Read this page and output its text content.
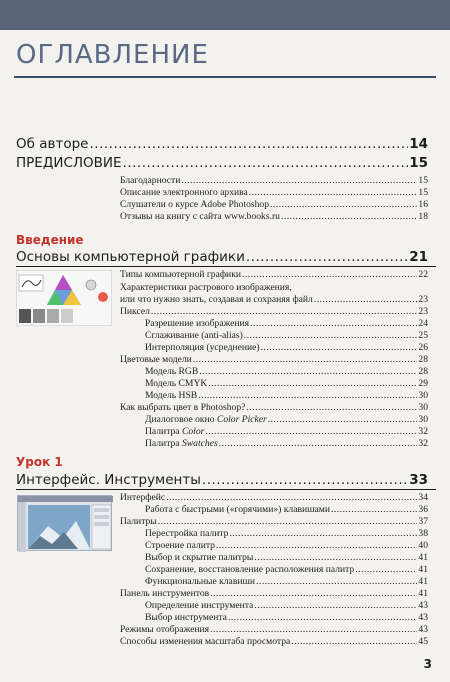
ОГЛАВЛЕНИЕ
Об авторе .....	14
ПРЕДИСЛОВИЕ .....	15
Благодарности .....	15
Описание электронного архива .....	15
Слушатели о курсе Adobe Photoshop .....	16
Отзывы на книгу с сайта www.books.ru .....	18
Введение
Основы компьютерной графики .....	21
Типы компьютерной графики .....	22
Характеристики растрового изображения,
или что нужно знать, создавая и сохраняя файл .....	23
Пиксел .....	23
Разрешение изображения .....	24
Сглаживание (anti-alias) .....	25
Интерполяция (усреднение) .....	26
Цветовые модели .....	28
Модель RGB .....	28
Модель CMYK .....	29
Модель HSB .....	30
Как выбрать цвет в Photoshop? .....	30
Диалоговое окно Color Picker .....	30
Палитра Color .....	32
Палитра Swatches .....	32
Урок 1
Интерфейс. Инструменты .....	33
Интерфейс .....	34
Работа с быстрыми («горячими») клавишами .....	36
Палитры .....	37
Перестройка палитр .....	38
Строение палитр .....	40
Выбор и скрытие палитры .....	41
Сохранение, восстановление расположения палитр .....	41
Функциональные клавиши .....	41
Панель инструментов .....	41
Определение инструмента .....	43
Выбор инструмента .....	43
Режимы отображения .....	43
Способы изменения масштаба просмотра .....	45
3
